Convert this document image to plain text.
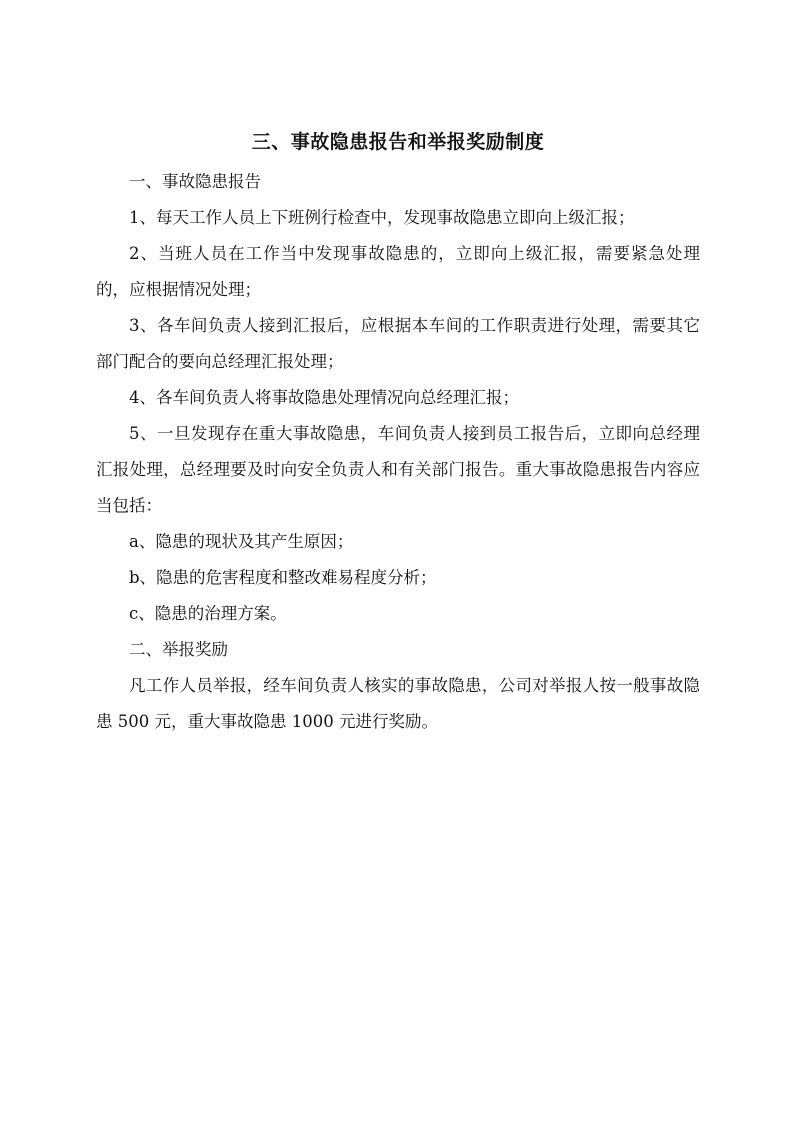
三、事故隐患报告和举报奖励制度

一、事故隐患报告

1、每天工作人员上下班例行检查中，发现事故隐患立即向上级汇报；

2、当班人员在工作当中发现事故隐患的，立即向上级汇报，需要紧急处理的，应根据情况处理；

3、各车间负责人接到汇报后，应根据本车间的工作职责进行处理，需要其它部门配合的要向总经理汇报处理；

4、各车间负责人将事故隐患处理情况向总经理汇报；

5、一旦发现存在重大事故隐患，车间负责人接到员工报告后，立即向总经理汇报处理，总经理要及时向安全负责人和有关部门报告。重大事故隐患报告内容应当包括：

a、隐患的现状及其产生原因；

b、隐患的危害程度和整改难易程度分析；

c、隐患的治理方案。

二、举报奖励

凡工作人员举报，经车间负责人核实的事故隐患，公司对举报人按一般事故隐患 500 元，重大事故隐患 1000 元进行奖励。
